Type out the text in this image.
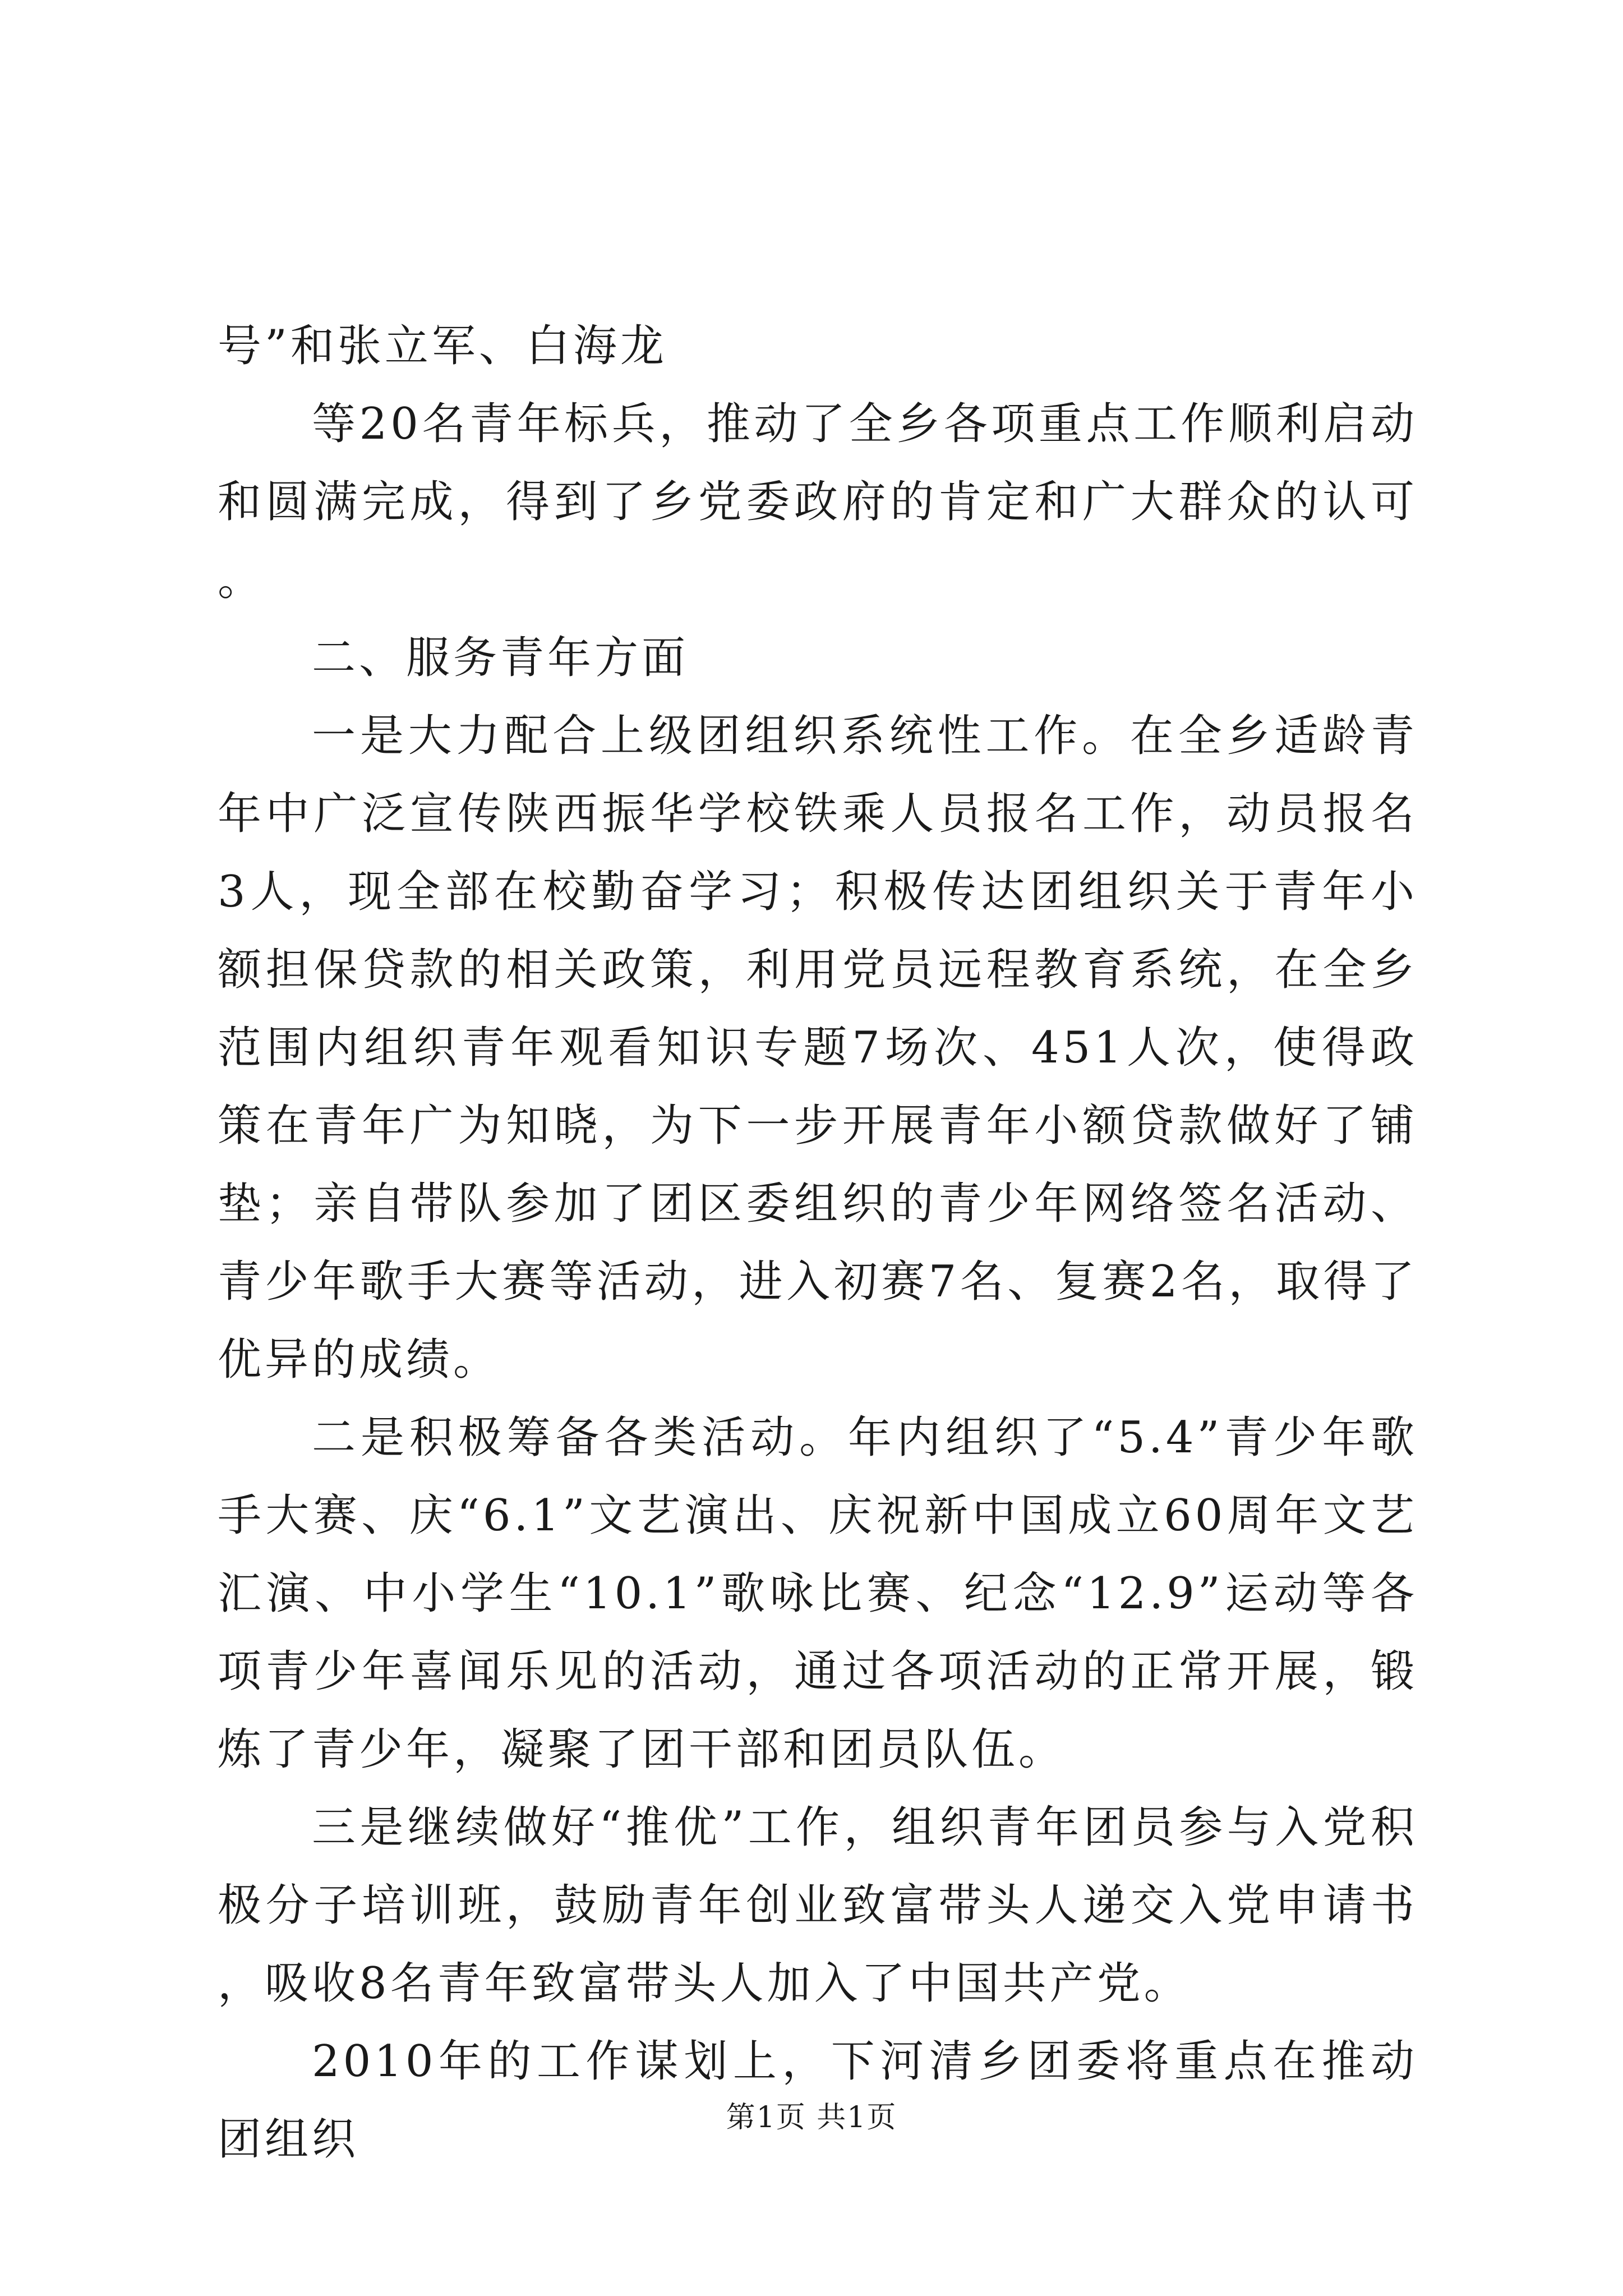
号”和张立军、白海龙

等20名青年标兵，推动了全乡各项重点工作顺利启动和圆满完成，得到了乡党委政府的肯定和广大群众的认可。

二、服务青年方面

一是大力配合上级团组织系统性工作。在全乡适龄青年中广泛宣传陕西振华学校铁乘人员报名工作，动员报名3人，现全部在校勤奋学习；积极传达团组织关于青年小额担保贷款的相关政策，利用党员远程教育系统，在全乡范围内组织青年观看知识专题7场次、451人次，使得政策在青年广为知晓，为下一步开展青年小额贷款做好了铺垫；亲自带队参加了团区委组织的青少年网络签名活动、青少年歌手大赛等活动，进入初赛7名、复赛2名，取得了优异的成绩。

二是积极筹备各类活动。年内组织了“5.4”青少年歌手大赛、庆“6.1”文艺演出、庆祝新中国成立60周年文艺汇演、中小学生“10.1”歌咏比赛、纪念“12.9”运动等各项青少年喜闻乐见的活动，通过各项活动的正常开展，锻炼了青少年，凝聚了团干部和团员队伍。

三是继续做好“推优”工作，组织青年团员参与入党积极分子培训班，鼓励青年创业致富带头人递交入党申请书，吸收8名青年致富带头人加入了中国共产党。

2010年的工作谋划上，下河清乡团委将重点在推动团组织	第1页 共1页
